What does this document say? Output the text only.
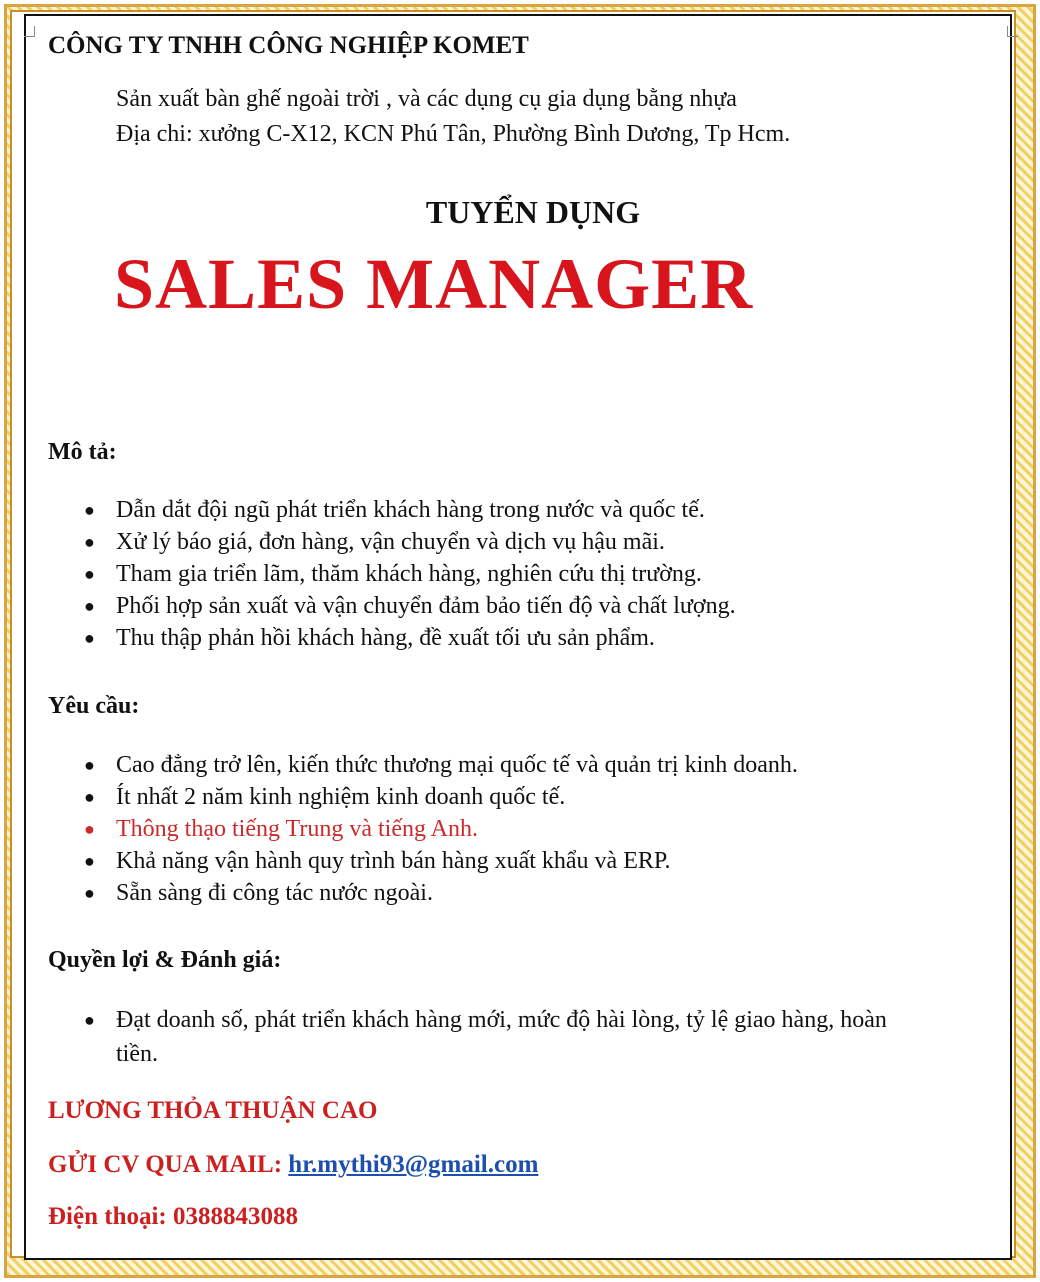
CÔNG TY TNHH CÔNG NGHIỆP KOMET
Sản xuất bàn ghế ngoài trời , và các dụng cụ gia dụng bằng nhựa
Địa chi: xưởng C-X12, KCN Phú Tân, Phường Bình Dương, Tp Hcm.
TUYỂN DỤNG
SALES MANAGER
Mô tả:
● Dẫn dắt đội ngũ phát triển khách hàng trong nước và quốc tế.
● Xử lý báo giá, đơn hàng, vận chuyển và dịch vụ hậu mãi.
● Tham gia triển lãm, thăm khách hàng, nghiên cứu thị trường.
● Phối hợp sản xuất và vận chuyển đảm bảo tiến độ và chất lượng.
● Thu thập phản hồi khách hàng, đề xuất tối ưu sản phẩm.
Yêu cầu:
● Cao đẳng trở lên, kiến thức thương mại quốc tế và quản trị kinh doanh.
● Ít nhất 2 năm kinh nghiệm kinh doanh quốc tế.
● Thông thạo tiếng Trung và tiếng Anh.
● Khả năng vận hành quy trình bán hàng xuất khẩu và ERP.
● Sẵn sàng đi công tác nước ngoài.
Quyền lợi & Đánh giá:
● Đạt doanh số, phát triển khách hàng mới, mức độ hài lòng, tỷ lệ giao hàng, hoàn tiền.
LƯƠNG THỎA THUẬN CAO
GỬI CV QUA MAIL: hr.mythi93@gmail.com
Điện thoại: 0388843088
